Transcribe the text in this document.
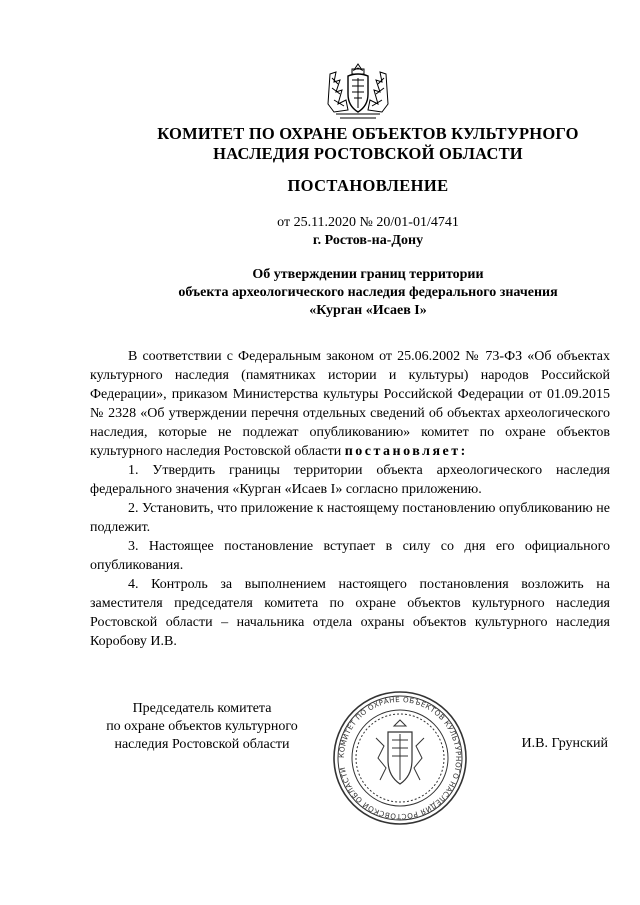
КОМИТЕТ ПО ОХРАНЕ ОБЪЕКТОВ КУЛЬТУРНОГО
НАСЛЕДИЯ РОСТОВСКОЙ ОБЛАСТИ
ПОСТАНОВЛЕНИЕ
от 25.11.2020 № 20/01-01/4741
г. Ростов-на-Дону
Об утверждении границ территории
объекта археологического наследия федерального значения
«Курган «Исаев I»

В соответствии с Федеральным законом от 25.06.2002 № 73-ФЗ «Об объектах культурного наследия (памятниках истории и культуры) народов Российской Федерации», приказом Министерства культуры Российской Федерации от 01.09.2015 № 2328 «Об утверждении перечня отдельных сведений об объектах археологического наследия, которые не подлежат опубликованию» комитет по охране объектов культурного наследия Ростовской области постановляет:

1. Утвердить границы территории объекта археологического наследия федерального значения «Курган «Исаев I» согласно приложению.

2. Установить, что приложение к настоящему постановлению опубликованию не подлежит.

3. Настоящее постановление вступает в силу со дня его официального опубликования.

4. Контроль за выполнением настоящего постановления возложить на заместителя председателя комитета по охране объектов культурного наследия Ростовской области – начальника отдела охраны объектов культурного наследия Коробову И.В.

Председатель комитета
по охране объектов культурного
наследия Ростовской области
КОМИТЕТ ПО ОХРАНЕ ОБЪЕКТОВ КУЛЬТУРНОГО НАСЛЕДИЯ РОСТОВСКОЙ ОБЛАСТИ
И.В. Грунский
